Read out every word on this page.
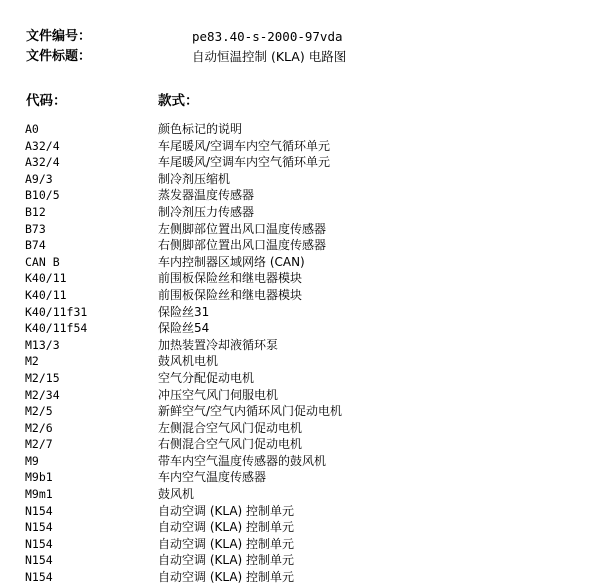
文件编号：	pe83.40-s-2000-97vda
文件标题：	自动恒温控制 (KLA) 电路图
代码：	款式：
A0	颜色标记的说明
A32/4	车尾暖风/空调车内空气循环单元
A32/4	车尾暖风/空调车内空气循环单元
A9/3	制冷剂压缩机
B10/5	蒸发器温度传感器
B12	制冷剂压力传感器
B73	左侧脚部位置出风口温度传感器
B74	右侧脚部位置出风口温度传感器
CAN B	车内控制器区域网络 (CAN)
K40/11	前围板保险丝和继电器模块
K40/11	前围板保险丝和继电器模块
K40/11f31	保险丝31
K40/11f54	保险丝54
M13/3	加热装置冷却液循环泵
M2	鼓风机电机
M2/15	空气分配促动电机
M2/34	冲压空气风门伺服电机
M2/5	新鲜空气/空气内循环风门促动电机
M2/6	左侧混合空气风门促动电机
M2/7	右侧混合空气风门促动电机
M9	带车内空气温度传感器的鼓风机
M9b1	车内空气温度传感器
M9m1	鼓风机
N154	自动空调 (KLA) 控制单元
N154	自动空调 (KLA) 控制单元
N154	自动空调 (KLA) 控制单元
N154	自动空调 (KLA) 控制单元
N154	自动空调 (KLA) 控制单元
